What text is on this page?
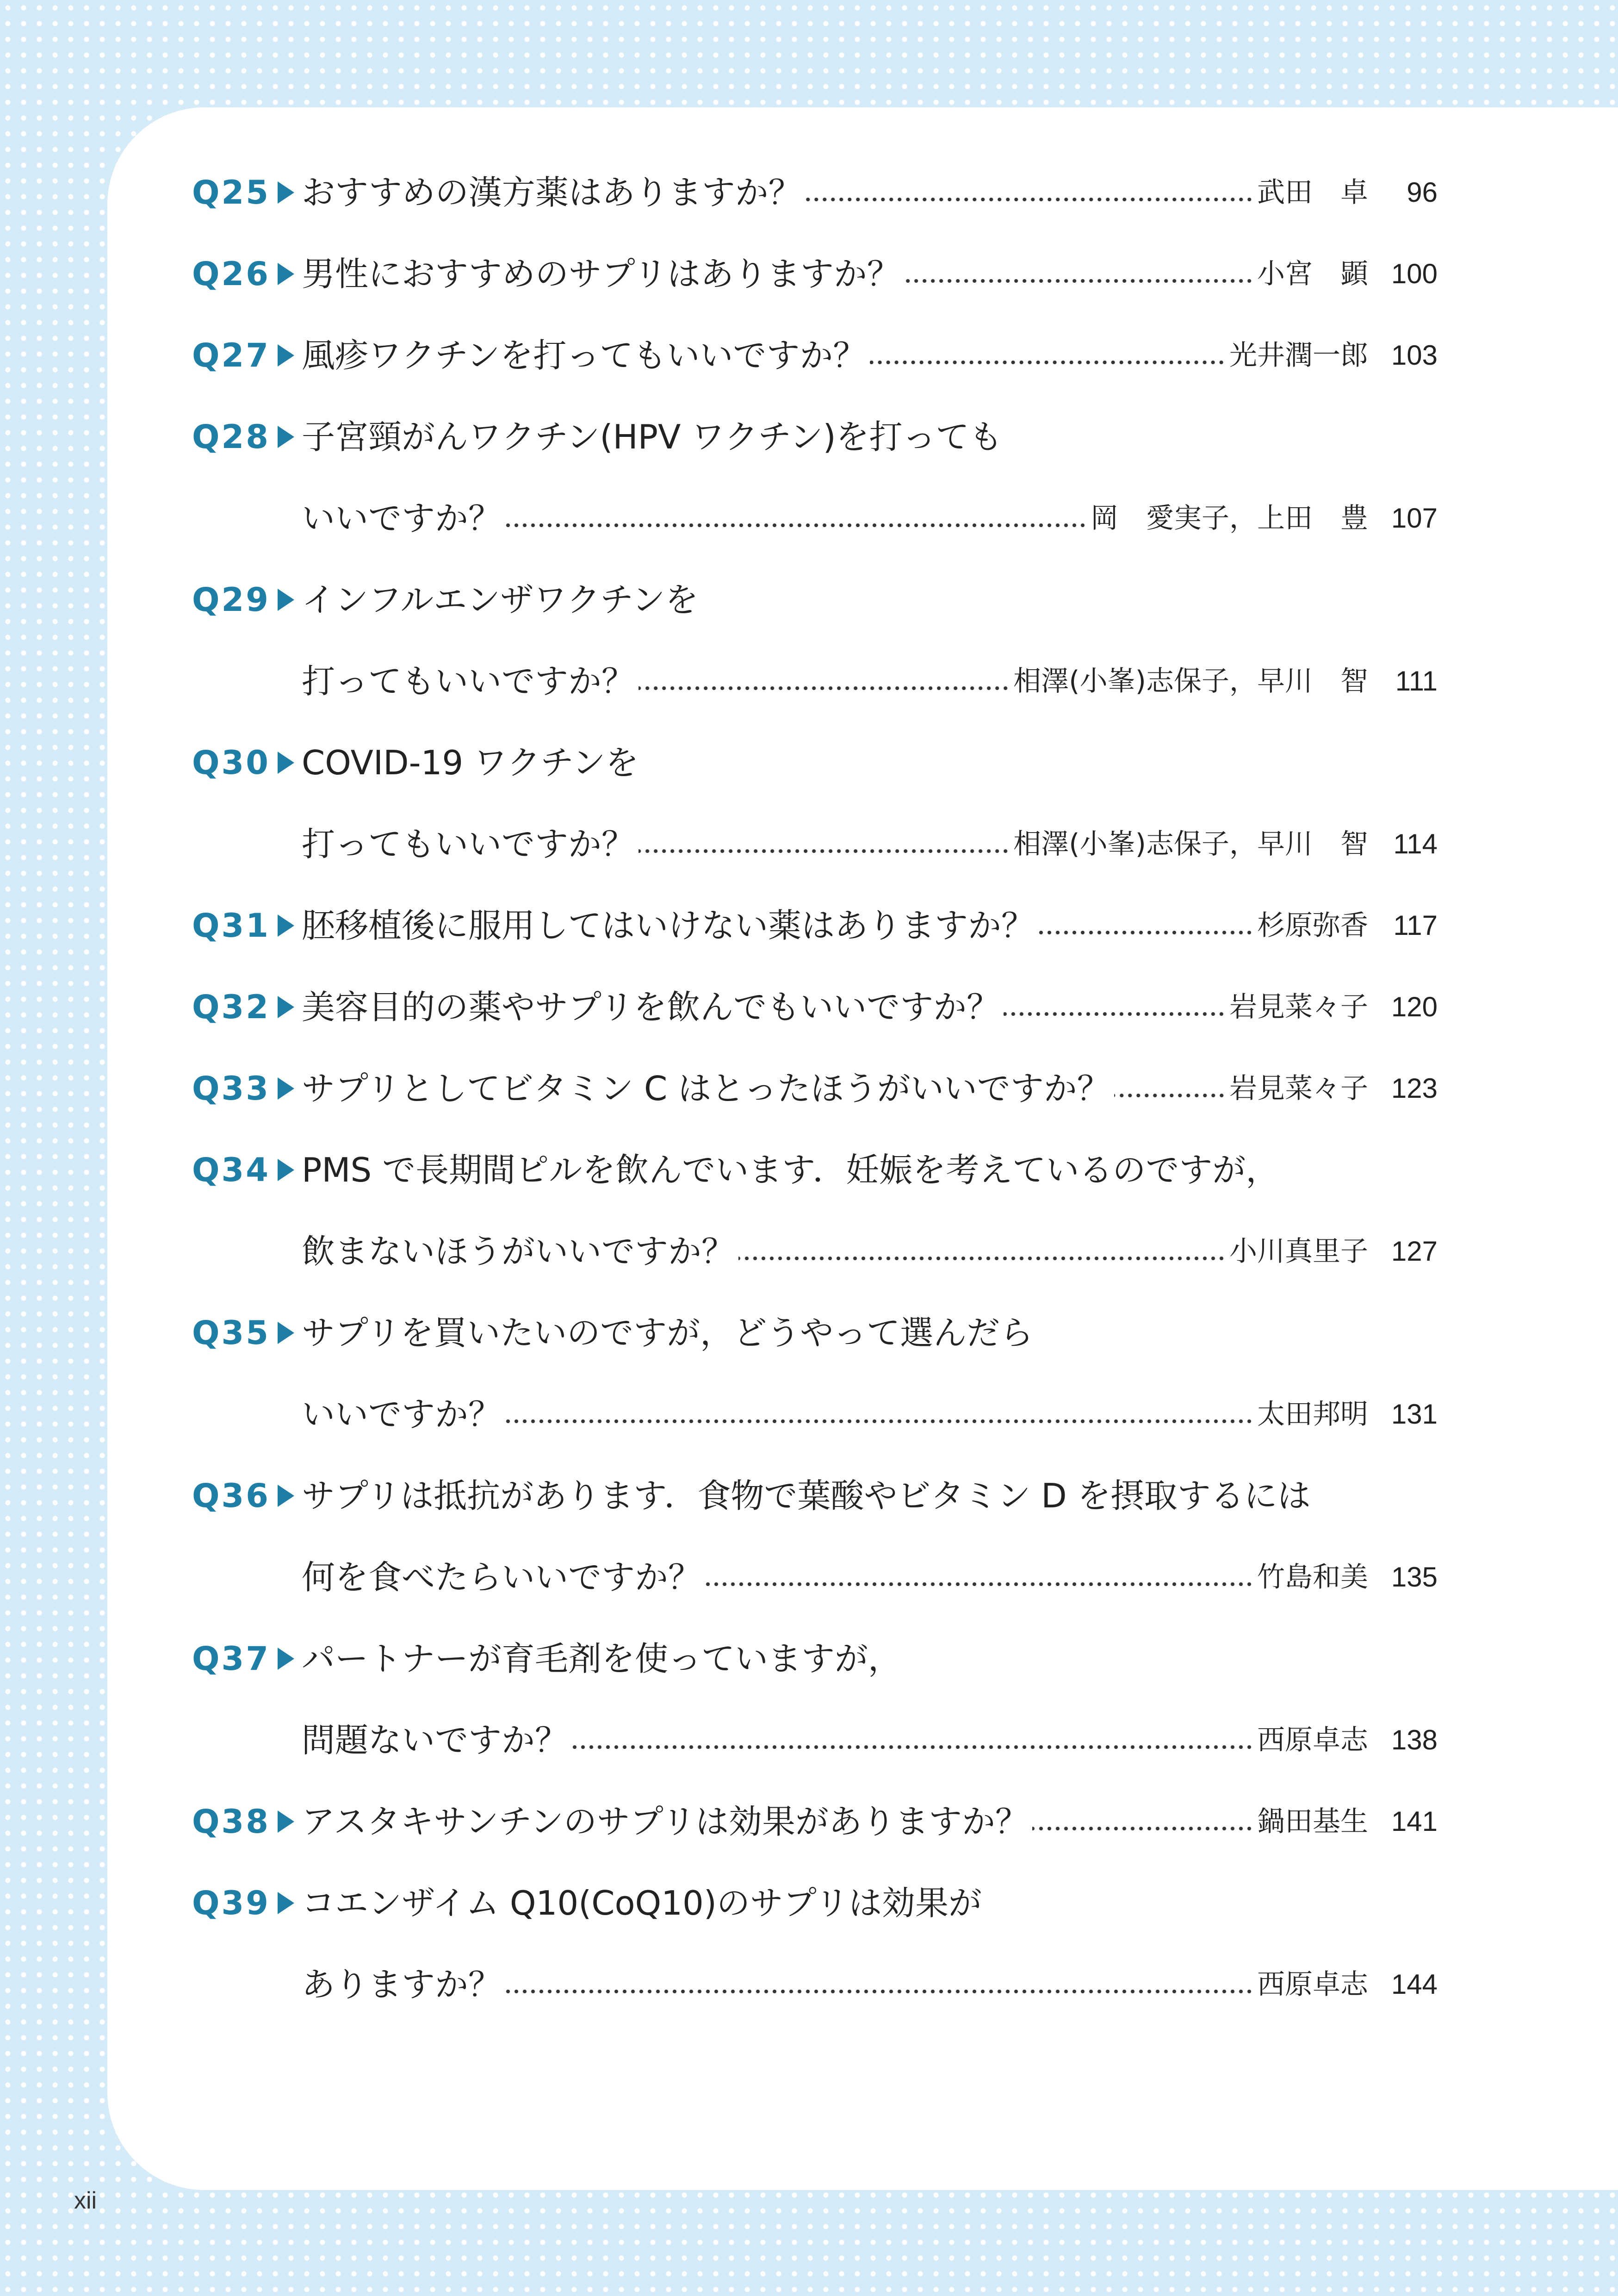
Q25 おすすめの漢方薬はありますか？	武田　卓	96
Q26 男性におすすめのサプリはありますか？	小宮　顕 100
Q27 風疹ワクチンを打ってもいいですか？	光井潤一郎 103
Q28 子宮頸がんワクチン(HPV ワクチン)を打っても
いいですか？	岡　愛実子，上田　豊 107
Q29 インフルエンザワクチンを
打ってもいいですか？	相澤(小峯)志保子，早川　智 111
Q30 COVID-19 ワクチンを
打ってもいいですか？	相澤(小峯)志保子，早川　智 114
Q31 胚移植後に服用してはいけない薬はありますか？	杉原弥香 117
Q32 美容目的の薬やサプリを飲んでもいいですか？	岩見菜々子 120
Q33 サプリとしてビタミン C はとったほうがいいですか？	岩見菜々子 123
Q34 PMS で長期間ピルを飲んでいます．妊娠を考えているのですが，
飲まないほうがいいですか？	小川真里子 127
Q35 サプリを買いたいのですが，どうやって選んだら
いいですか？	太田邦明 131
Q36 サプリは抵抗があります．食物で葉酸やビタミン D を摂取するには
何を食べたらいいですか？	竹島和美 135
Q37 パートナーが育毛剤を使っていますが，
問題ないですか？	西原卓志 138
Q38 アスタキサンチンのサプリは効果がありますか？	鍋田基生 141
Q39 コエンザイム Q10(CoQ10)のサプリは効果が
ありますか？	西原卓志 144
xii
